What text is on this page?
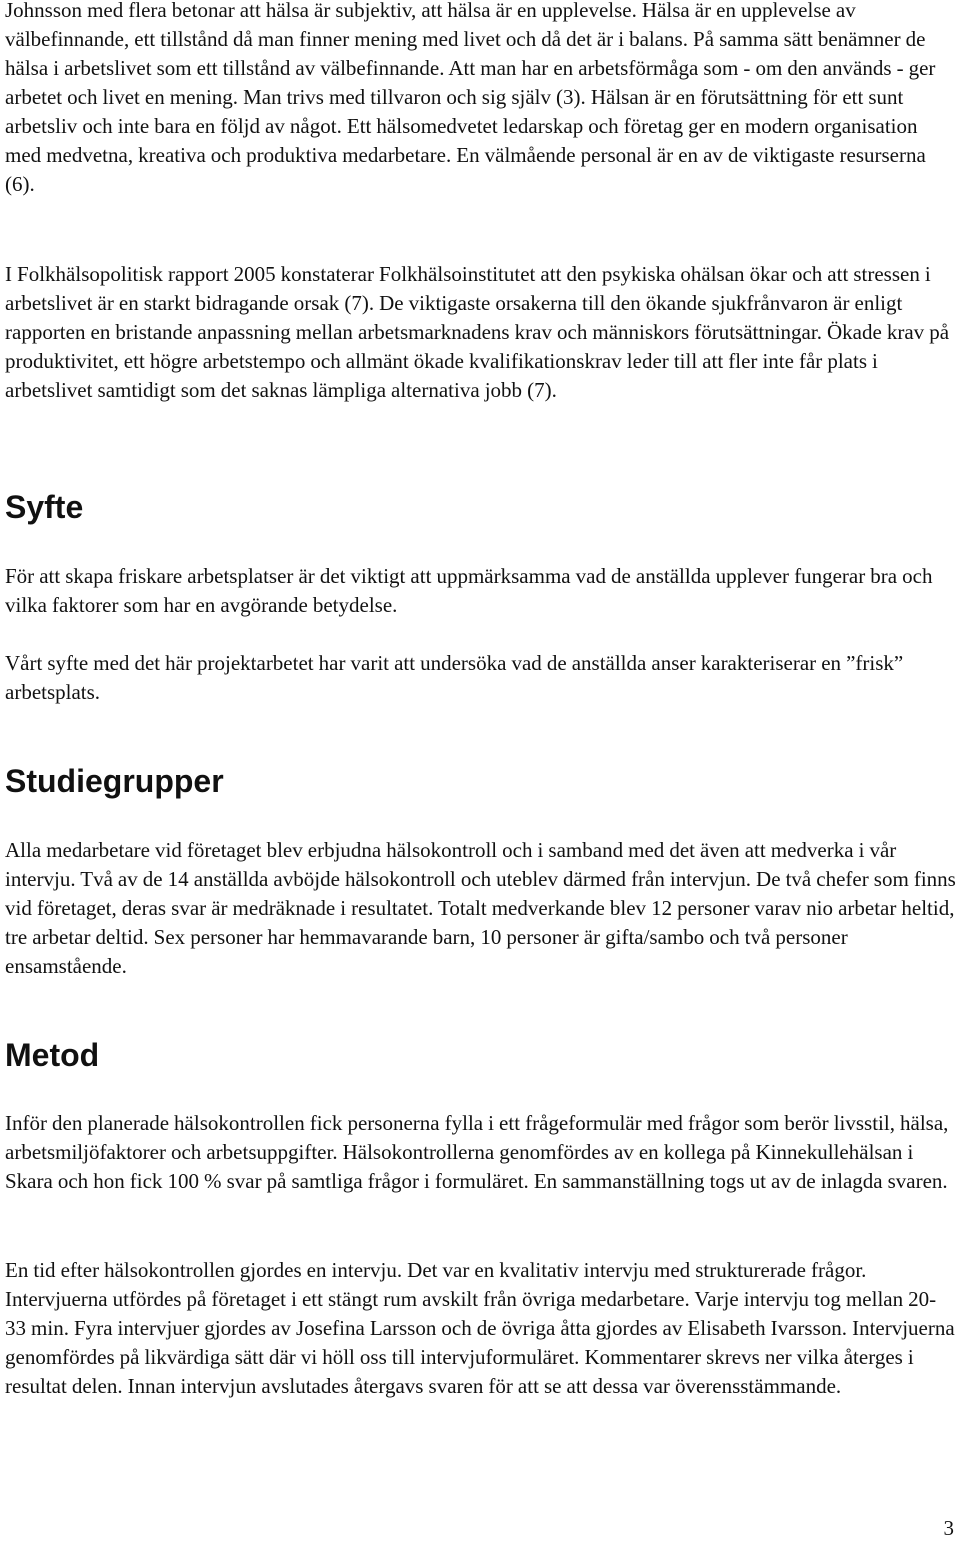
Johnsson med flera betonar att hälsa är subjektiv, att hälsa är en upplevelse. Hälsa är en upplevelse av välbefinnande, ett tillstånd då man finner mening med livet och då det är i balans. På samma sätt benämner de hälsa i arbetslivet som ett tillstånd av välbefinnande. Att man har en arbetsförmåga som - om den används - ger arbetet och livet en mening. Man trivs med tillvaron och sig själv (3). Hälsan är en förutsättning för ett sunt arbetsliv och inte bara en följd av något. Ett hälsomedvetet ledarskap och företag ger en modern organisation med medvetna, kreativa och produktiva medarbetare. En välmående personal är en av de viktigaste resurserna (6).

I Folkhälsopolitisk rapport 2005 konstaterar Folkhälsoinstitutet att den psykiska ohälsan ökar och att stressen i arbetslivet är en starkt bidragande orsak (7). De viktigaste orsakerna till den ökande sjukfrånvaron är enligt rapporten en bristande anpassning mellan arbetsmarknadens krav och människors förutsättningar. Ökade krav på produktivitet, ett högre arbetstempo och allmänt ökade kvalifikationskrav leder till att fler inte får plats i arbetslivet samtidigt som det saknas lämpliga alternativa jobb (7).

Syfte

För att skapa friskare arbetsplatser är det viktigt att uppmärksamma vad de anställda upplever fungerar bra och vilka faktorer som har en avgörande betydelse.

Vårt syfte med det här projektarbetet har varit att undersöka vad de anställda anser karakteriserar en ”frisk” arbetsplats.

Studiegrupper

Alla medarbetare vid företaget blev erbjudna hälsokontroll och i samband med det även att medverka i vår intervju. Två av de 14 anställda avböjde hälsokontroll och uteblev därmed från intervjun. De två chefer som finns vid företaget, deras svar är medräknade i resultatet. Totalt medverkande blev 12 personer varav nio arbetar heltid, tre arbetar deltid. Sex personer har hemmavarande barn, 10 personer är gifta/sambo och två personer ensamstående.

Metod

Inför den planerade hälsokontrollen fick personerna fylla i ett frågeformulär med frågor som berör livsstil, hälsa, arbetsmiljöfaktorer och arbetsuppgifter. Hälsokontrollerna genomfördes av en kollega på Kinnekullehälsan i Skara och hon fick 100 % svar på samtliga frågor i formuläret. En sammanställning togs ut av de inlagda svaren.

En tid efter hälsokontrollen gjordes en intervju. Det var en kvalitativ intervju med strukturerade frågor. Intervjuerna utfördes på företaget i ett stängt rum avskilt från övriga medarbetare. Varje intervju tog mellan 20-33 min. Fyra intervjuer gjordes av Josefina Larsson och de övriga åtta gjordes av Elisabeth Ivarsson. Intervjuerna genomfördes på likvärdiga sätt där vi höll oss till intervjuformuläret. Kommentarer skrevs ner vilka återges i resultat delen. Innan intervjun avslutades återgavs svaren för att se att dessa var överensstämmande.

3
